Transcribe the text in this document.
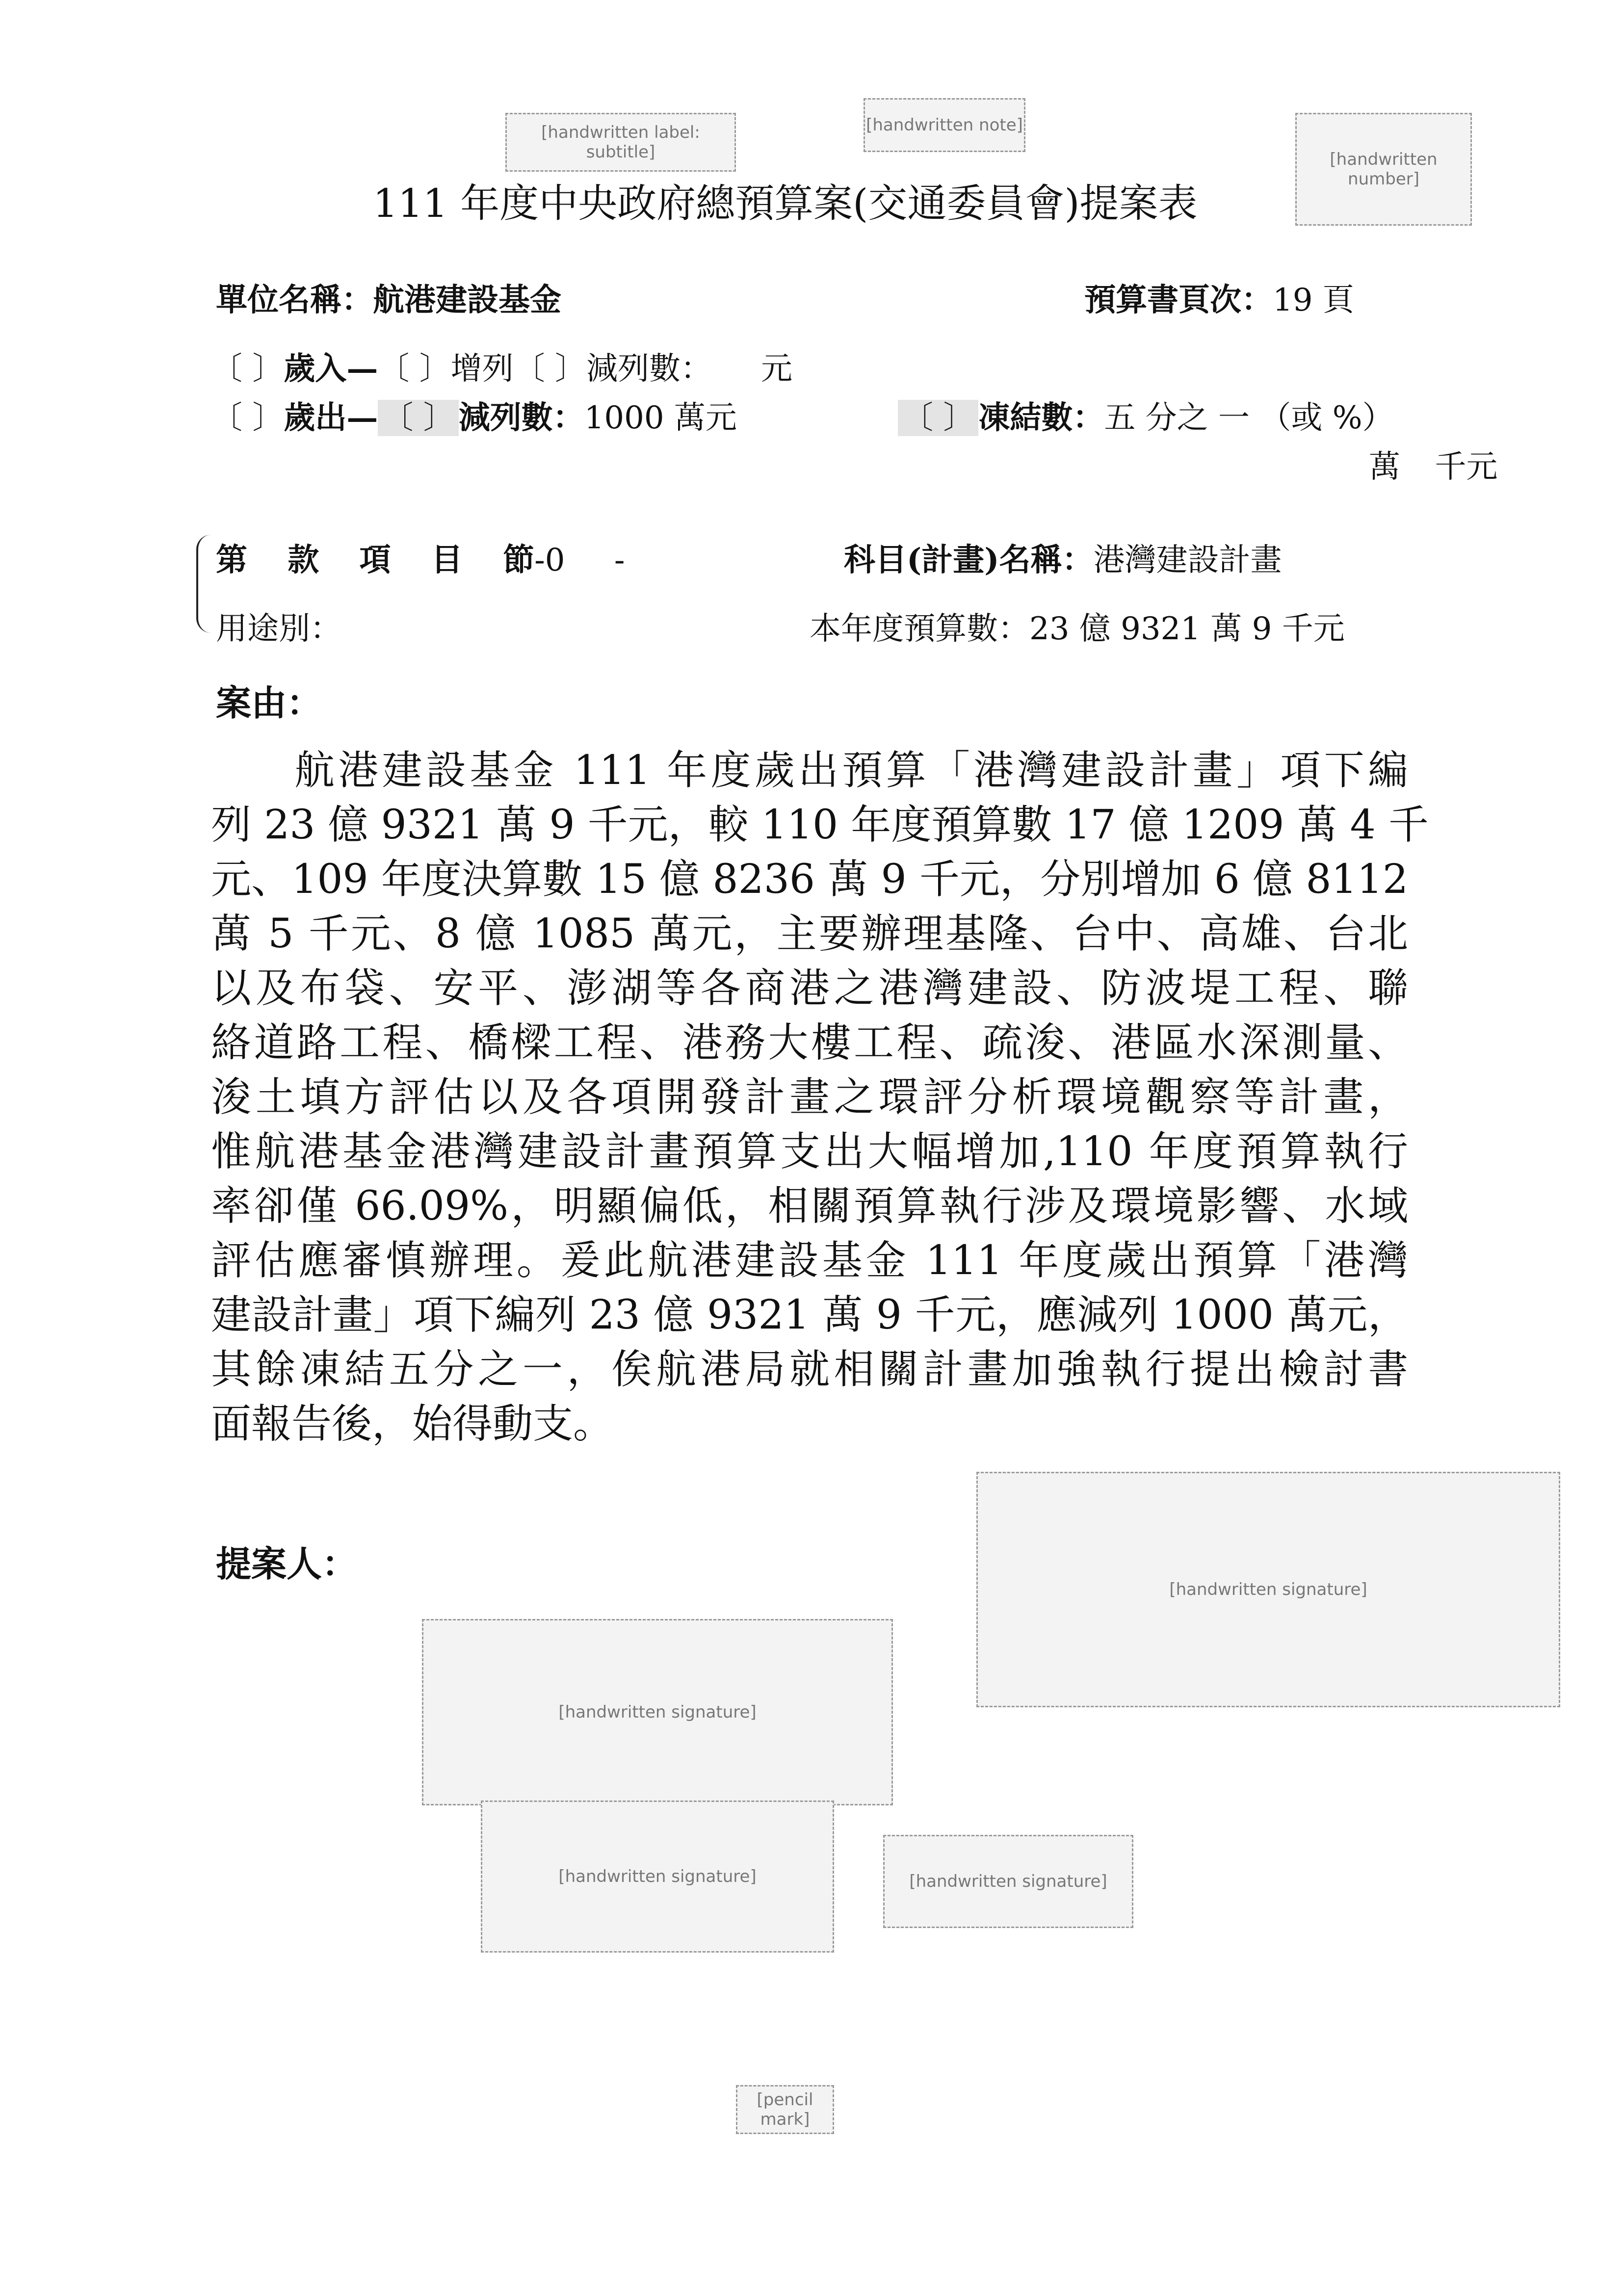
[handwritten label: subtitle]
[handwritten note]
[handwritten number]
111 年度中央政府總預算案(交通委員會)提案表
單位名稱：航港建設基金	預算書頁次：19 頁
〔 〕歲入—〔 〕增列〔 〕減列數： 元
〔 〕歲出— 〔 〕 減列數：1000 萬元	〔 〕 凍結數：五 分之 一 （或 %）
萬 千元
第 款 項 目 節-0 -	科目(計畫)名稱：港灣建設計畫
用途別：	本年度預算數：23 億 9321 萬 9 千元
案由：
航港建設基金 111 年度歲出預算「港灣建設計畫」項下編
列 23 億 9321 萬 9 千元，較 110 年度預算數 17 億 1209 萬 4 千
元、109 年度決算數 15 億 8236 萬 9 千元，分別增加 6 億 8112
萬 5 千元、8 億 1085 萬元，主要辦理基隆、台中、高雄、台北
以及布袋、安平、澎湖等各商港之港灣建設、防波堤工程、聯
絡道路工程、橋樑工程、港務大樓工程、疏浚、港區水深測量、
浚土填方評估以及各項開發計畫之環評分析環境觀察等計畫，
惟航港基金港灣建設計畫預算支出大幅增加,110 年度預算執行
率卻僅 66.09%，明顯偏低，相關預算執行涉及環境影響、水域
評估應審慎辦理。爰此航港建設基金 111 年度歲出預算「港灣
建設計畫」項下編列 23 億 9321 萬 9 千元，應減列 1000 萬元，
其餘凍結五分之一，俟航港局就相關計畫加強執行提出檢討書
面報告後，始得動支。
提案人：
[handwritten signature]
[handwritten signature]
[handwritten signature]	[handwritten signature]
[pencil mark]
